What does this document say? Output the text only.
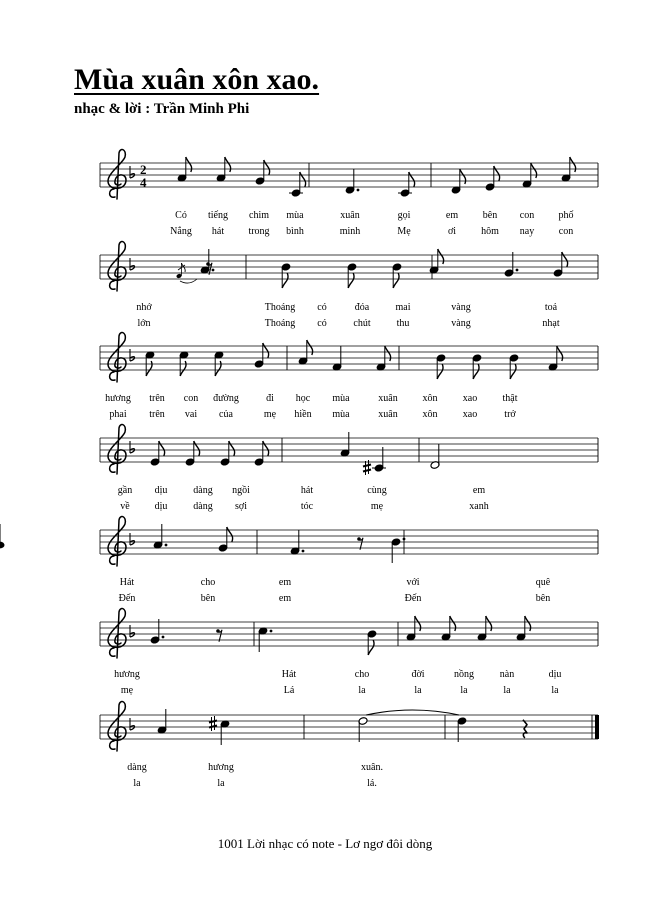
Mùa xuân xôn xao.
nhạc & lời : Trần Minh Phi
2
4
Có tiếng chim mùa	xuân	gọi	em bên con phố
Nắng hát trong bình	minh	Mẹ	ơi	hôm nay con
nhớ	Thoáng có	đóa	mai	vàng	toả
lớn	Thoáng có	chút	thu	vàng	nhạt
hương trên con đường	đi học mùa	xuân xôn	xao	thật
phai trên vai của	mẹ hiền mùa	xuân xôn	xao	trở
gần dịu	dàng ngồi	hát	cùng	em
về dịu	dàng sợi	tóc	mẹ	xanh
Hát	cho	em	với	quê
Đến	bên	em	Đến	bên
hương	Hát	cho	đời	nồng	nàn	dịu
mẹ	Lá	la	la	la	la	la
dàng	hương	xuân.
la	la	lá.
1001 Lời nhạc có note - Lơ ngơ đôi dòng
